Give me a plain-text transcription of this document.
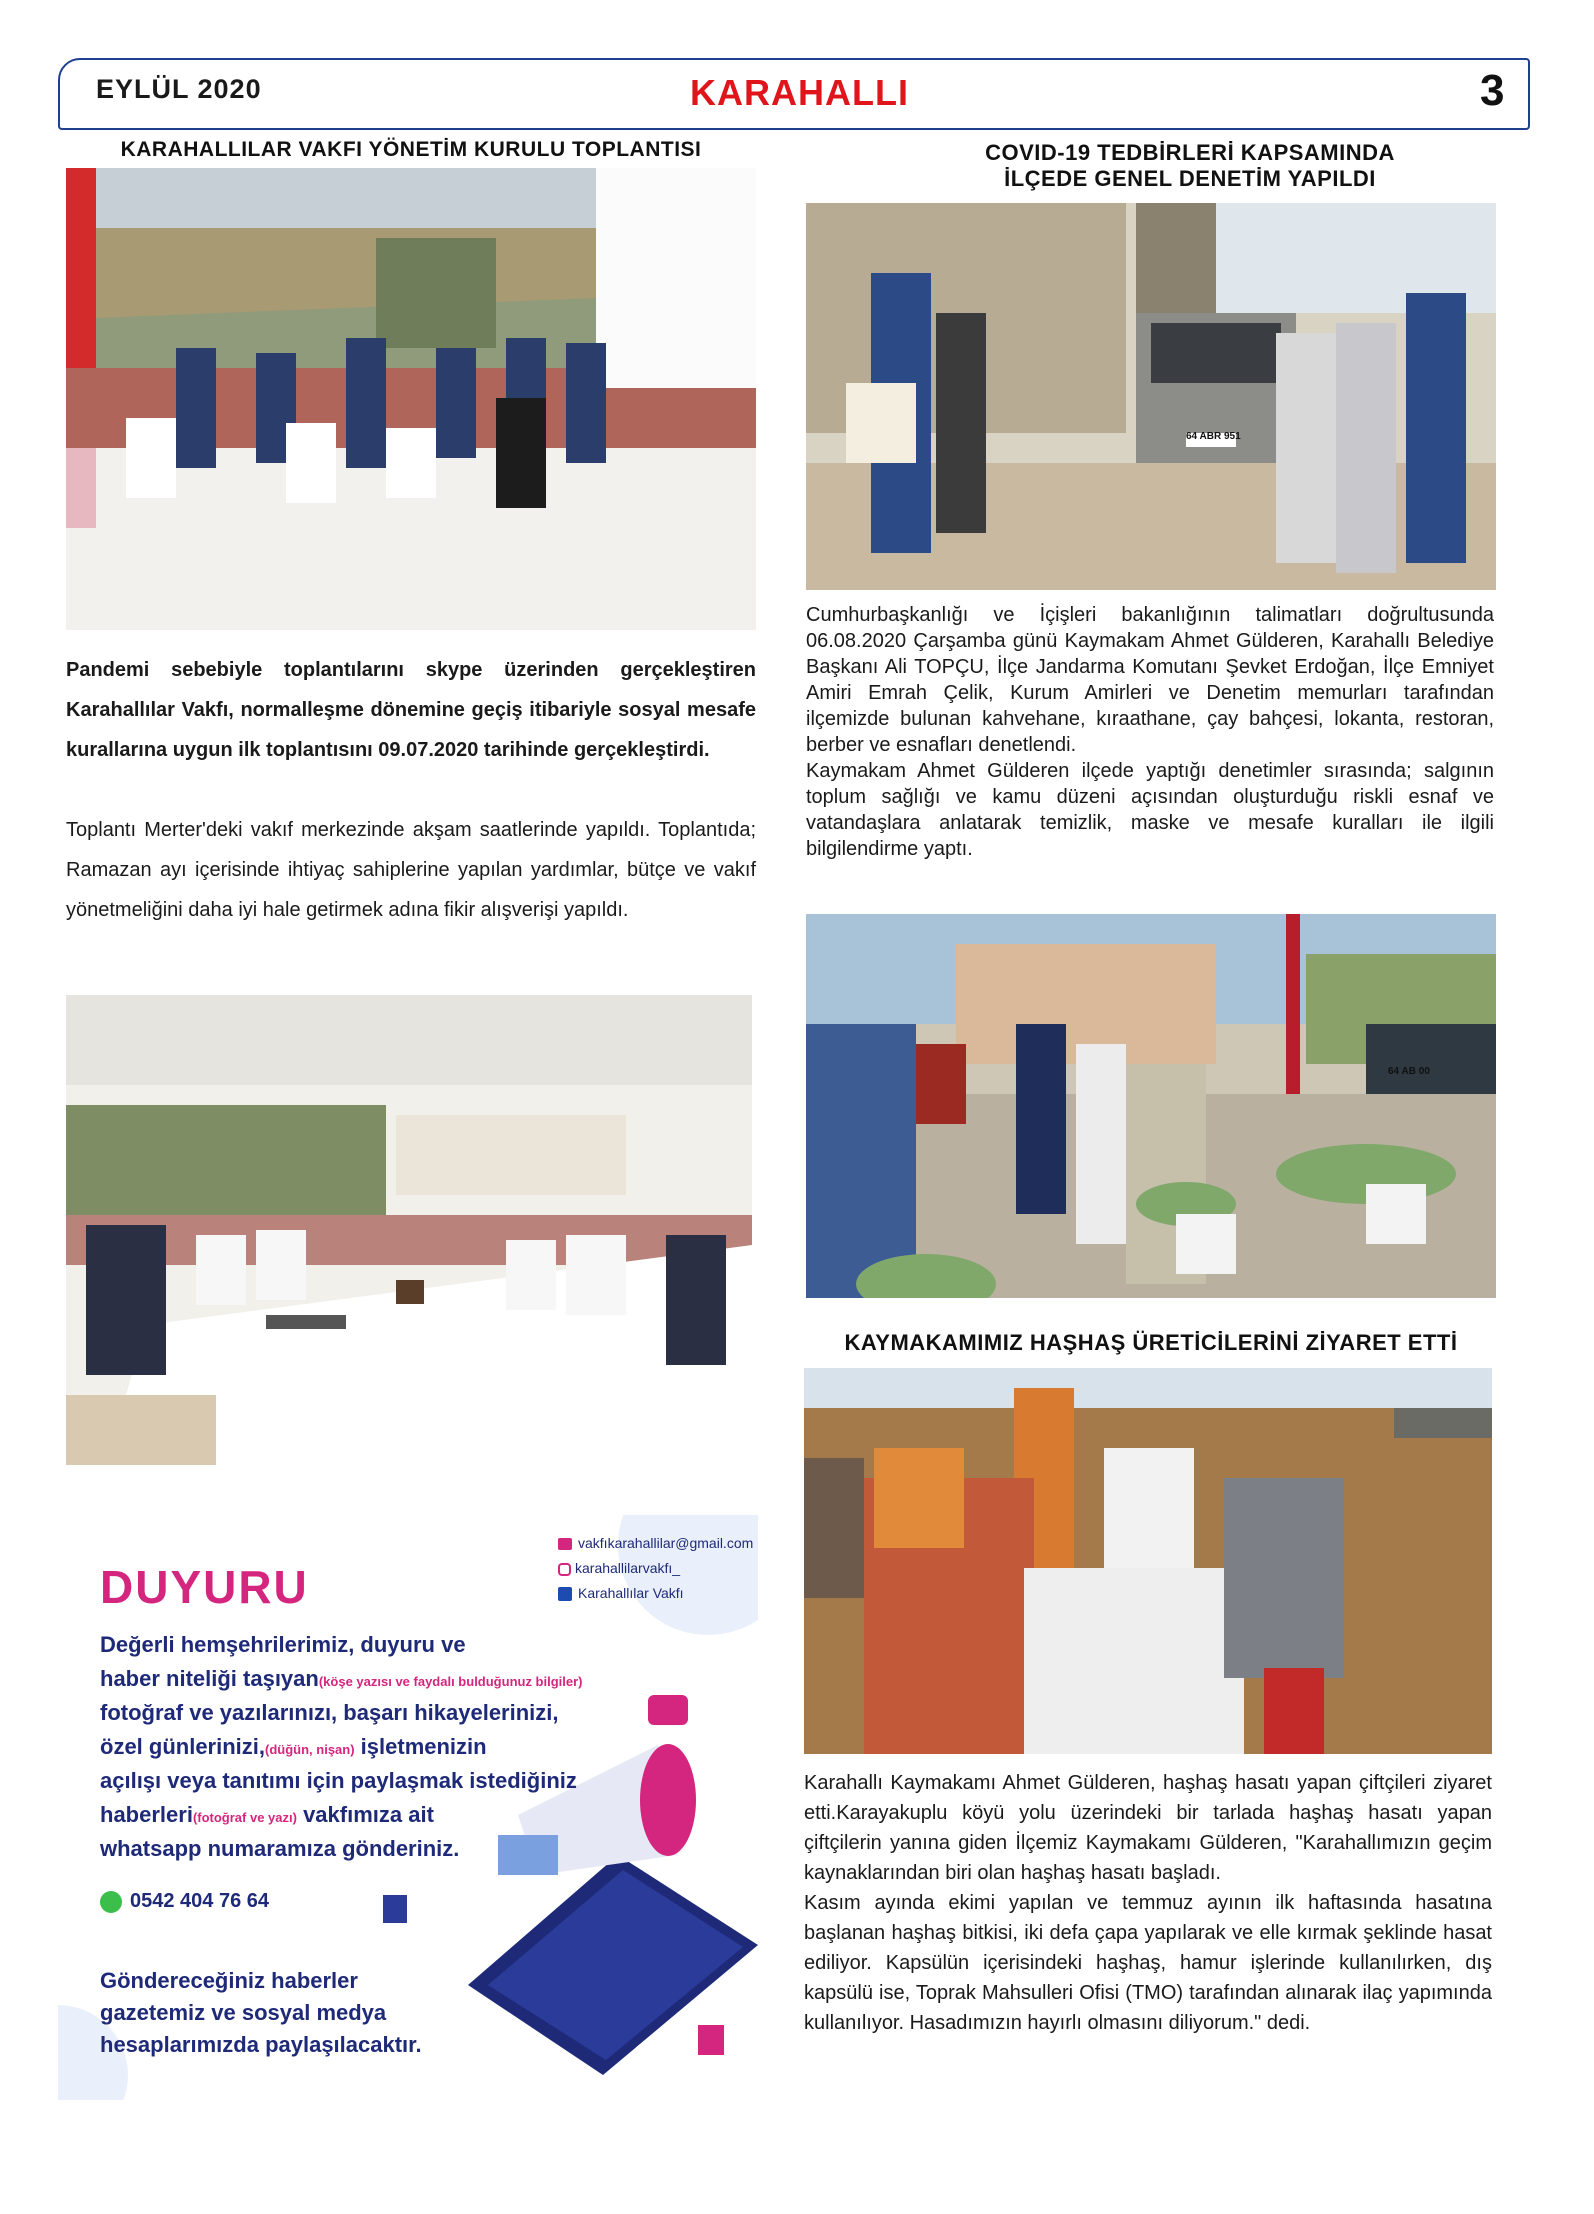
EYLÜL 2020	KARAHALLI	3
KARAHALLILAR VAKFI YÖNETİM KURULU TOPLANTISI
Pandemi sebebiyle toplantılarını skype üzerinden gerçekleştiren Karahallılar Vakfı, normalleşme dönemine geçiş itibariyle sosyal mesafe kurallarına uygun ilk toplantısını 09.07.2020 tarihinde gerçekleştirdi.
Toplantı Merter'deki vakıf merkezinde akşam saatlerinde yapıldı. Toplantıda; Ramazan ayı içerisinde ihtiyaç sahiplerine yapılan yardımlar, bütçe ve vakıf yönetmeliğini daha iyi hale getirmek adına fikir alışverişi yapıldı.
COVID-19 TEDBİRLERİ KAPSAMINDA
İLÇEDE GENEL DENETİM YAPILDI
64 ABR 951

Cumhurbaşkanlığı ve İçişleri bakanlığının talimatları doğrultusunda 06.08.2020 Çarşamba günü Kaymakam Ahmet Gülderen, Karahallı Belediye Başkanı Ali TOPÇU, İlçe Jandarma Komutanı Şevket Erdoğan, İlçe Emniyet Amiri Emrah Çelik, Kurum Amirleri ve Denetim memurları tarafından ilçemizde bulunan kahvehane, kıraathane, çay bahçesi, lokanta, restoran, berber ve esnafları denetlendi.

Kaymakam Ahmet Gülderen ilçede yaptığı denetimler sırasında; salgının toplum sağlığı ve kamu düzeni açısından oluşturduğu riskli esnaf ve vatandaşlara anlatarak temizlik, maske ve mesafe kuralları ile ilgili bilgilendirme yaptı.

64 AB 00
KAYMAKAMIMIZ HAŞHAŞ ÜRETİCİLERİNİ ZİYARET ETTİ

Karahallı Kaymakamı Ahmet Gülderen, haşhaş hasatı yapan çiftçileri ziyaret etti.Karayakuplu köyü yolu üzerindeki bir tarlada haşhaş hasatı yapan çiftçilerin yanına giden İlçemiz Kaymakamı Gülderen, "Karahallımızın geçim kaynaklarından biri olan haşhaş hasatı başladı.

Kasım ayında ekimi yapılan ve temmuz ayının ilk haftasında hasatına başlanan haşhaş bitkisi, iki defa çapa yapılarak ve elle kırmak şeklinde hasat ediliyor. Kapsülün içerisindeki haşhaş, hamur işlerinde kullanılırken, dış kapsülü ise, Toprak Mahsulleri Ofisi (TMO) tarafından alınarak ilaç yapımında kullanılıyor. Hasadımızın hayırlı olmasını diliyorum." dedi.

vakfıkarahallilar@gmail.com
karahallilarvakfı_
Karahallılar Vakfı
DUYURU
Değerli hemşehrilerimiz, duyuru ve
haber niteliği taşıyan(köşe yazısı ve faydalı bulduğunuz bilgiler)
fotoğraf ve yazılarınızı, başarı hikayelerinizi,
özel günlerinizi,(düğün, nişan) işletmenizin
açılışı veya tanıtımı için paylaşmak istediğiniz
haberleri(fotoğraf ve yazı) vakfımıza ait
whatsapp numaramıza gönderiniz.
0542 404 76 64
Göndereceğiniz haberler
gazetemiz ve sosyal medya
hesaplarımızda paylaşılacaktır.
